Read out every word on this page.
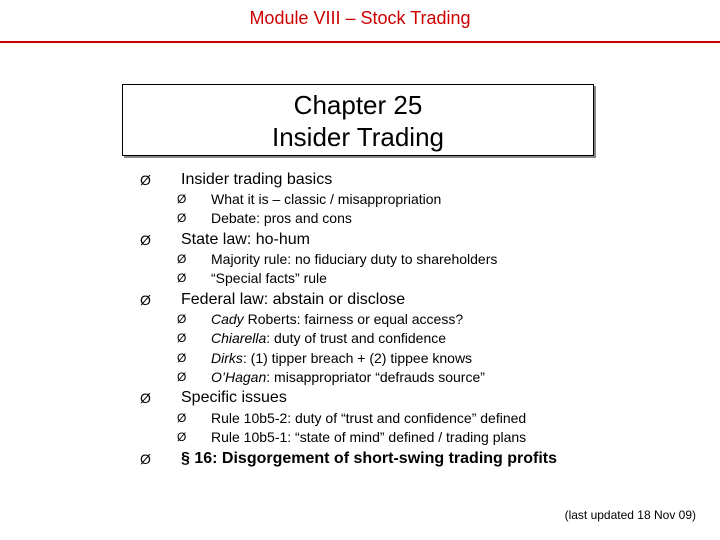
Module VIII – Stock Trading
Chapter 25
Insider Trading
Ø Insider trading basics
Ø What it is – classic / misappropriation
Ø Debate: pros and cons
Ø State law: ho-hum
Ø Majority rule: no fiduciary duty to shareholders
Ø “Special facts” rule
Ø Federal law: abstain or disclose
Ø Cady Roberts: fairness or equal access?
Ø Chiarella: duty of trust and confidence
Ø Dirks: (1) tipper breach + (2) tippee knows
Ø O’Hagan: misappropriator “defrauds source”
Ø Specific issues
Ø Rule 10b5-2: duty of “trust and confidence” defined
Ø Rule 10b5-1: “state of mind” defined / trading plans
Ø § 16: Disgorgement of short-swing trading profits
(last updated 18 Nov 09)
